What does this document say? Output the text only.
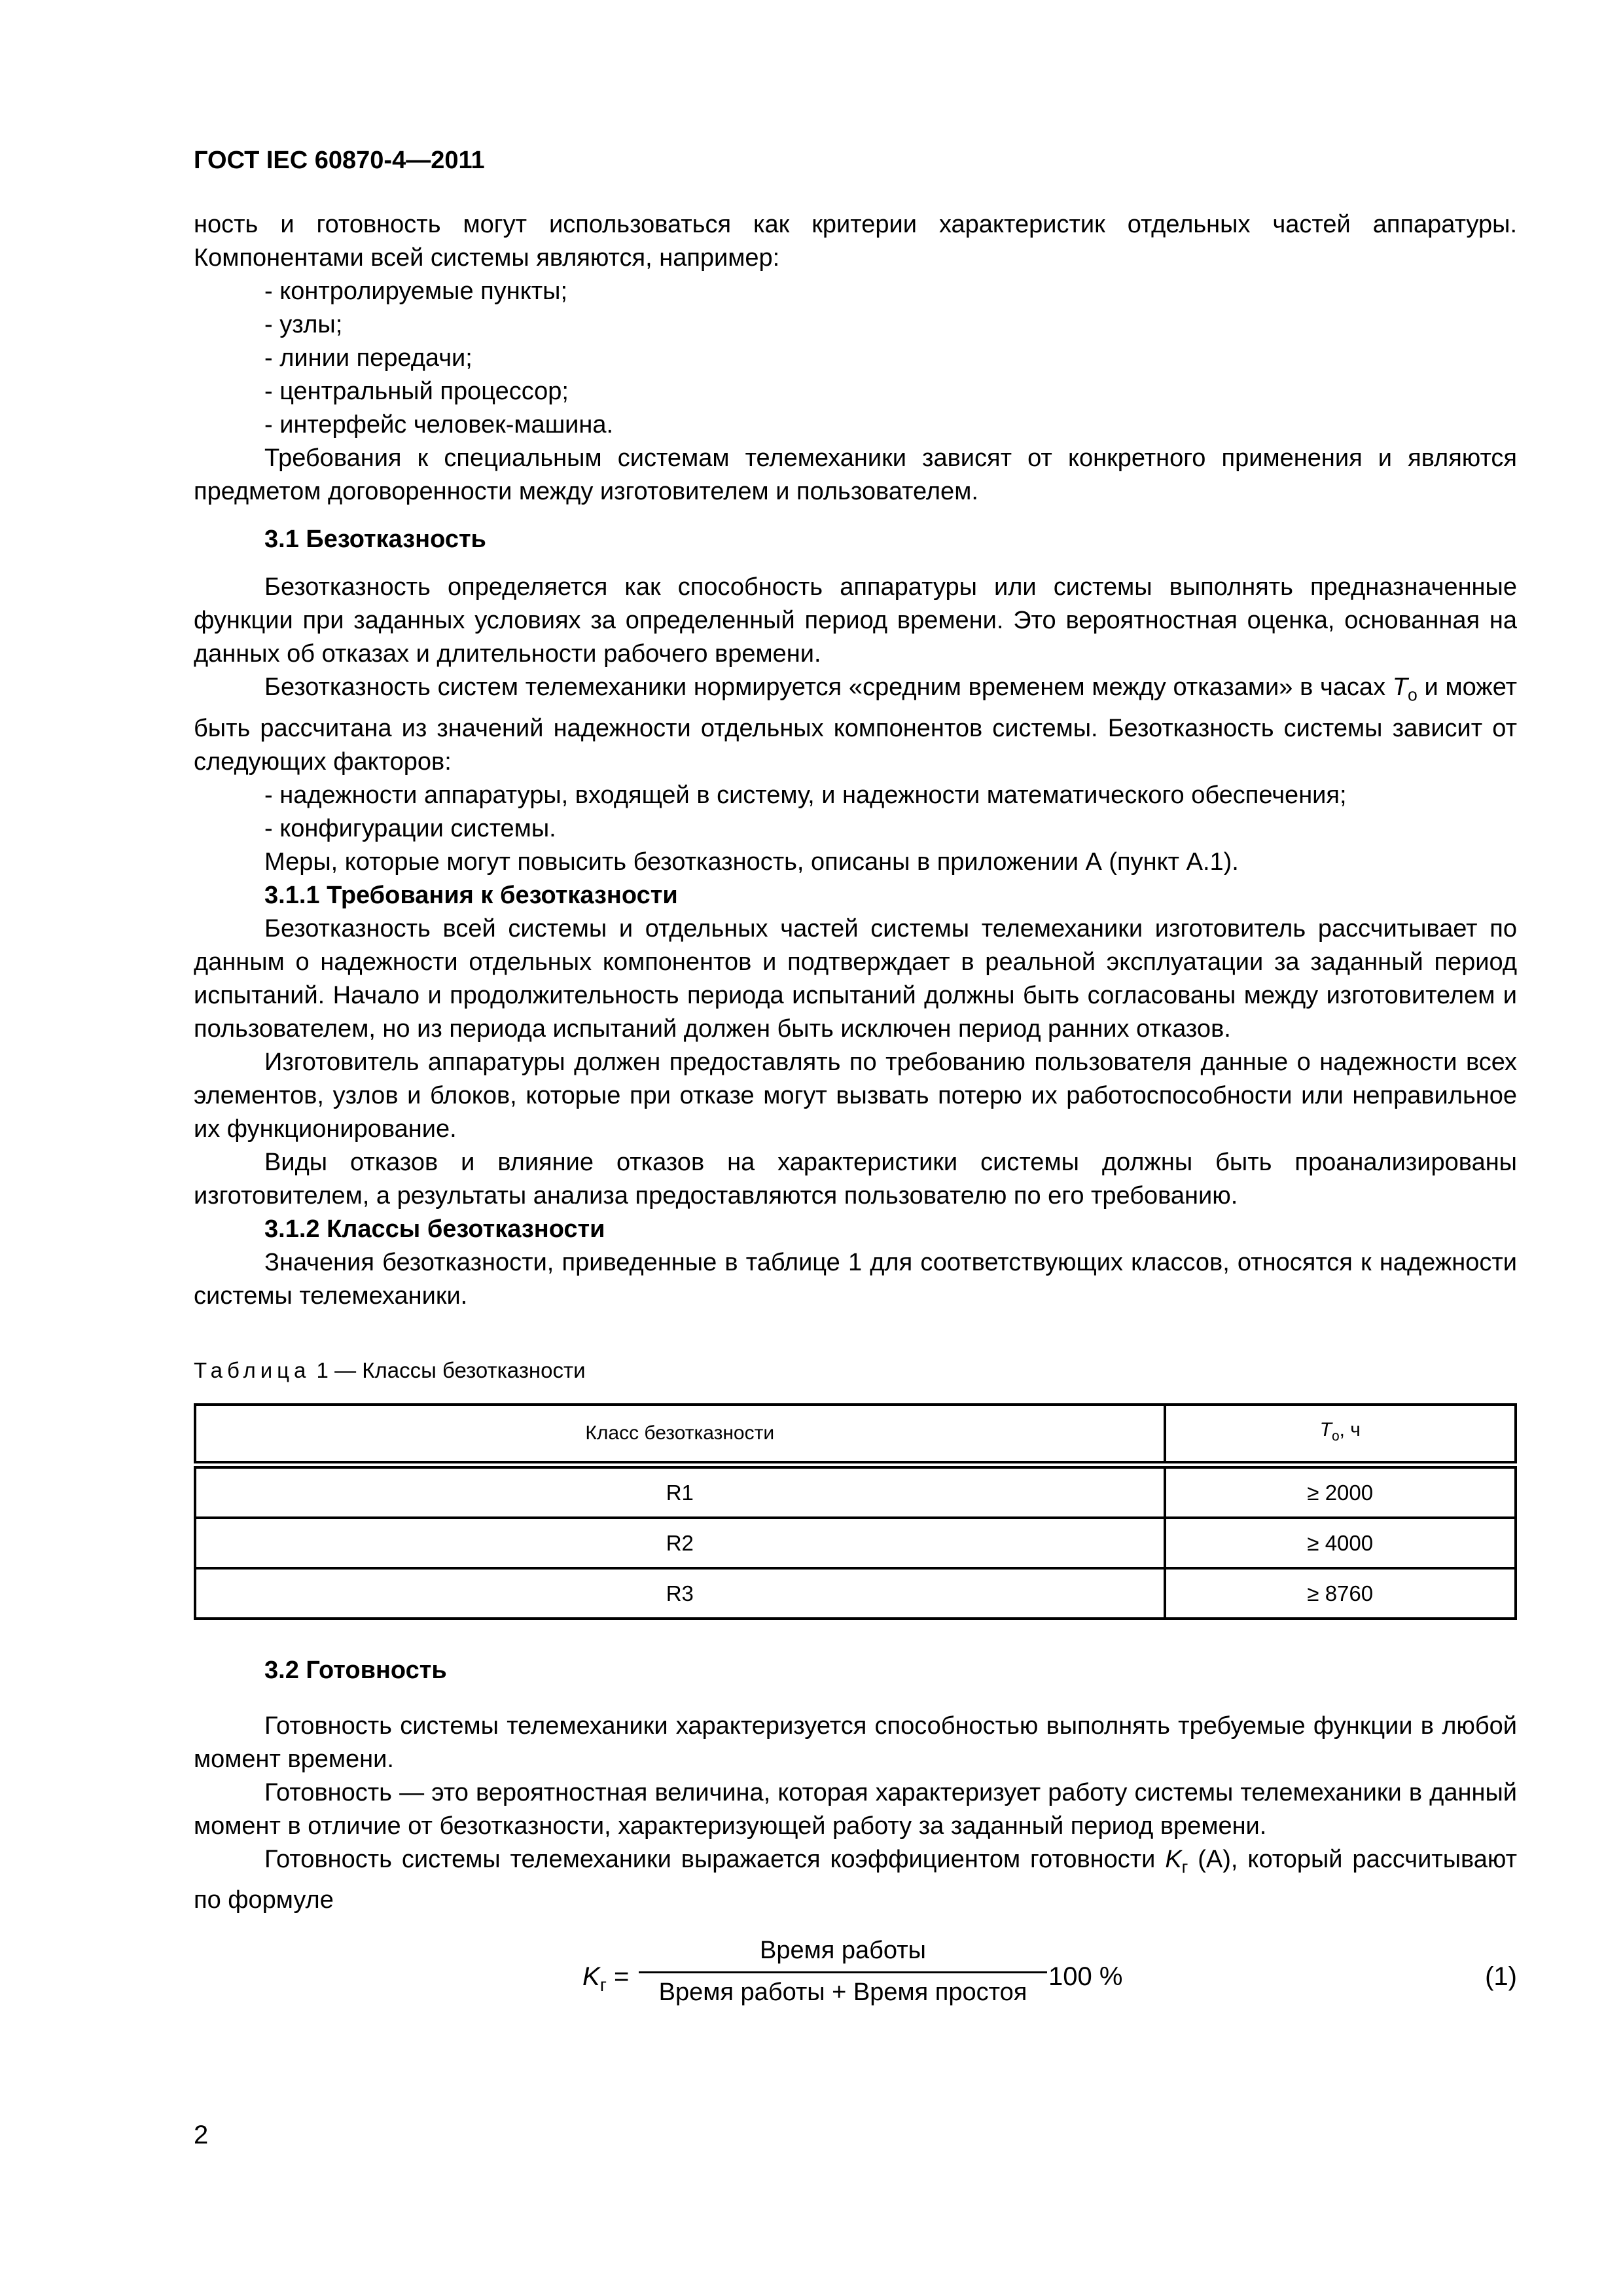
ГОСТ IEC 60870-4—2011

ность и готовность могут использоваться как критерии характеристик отдельных частей аппаратуры. Компонентами всей системы являются, например:

- контролируемые пункты;

- узлы;

- линии передачи;

- центральный процессор;

- интерфейс человек-машина.

Требования к специальным системам телемеханики зависят от конкретного применения и являются предметом договоренности между изготовителем и пользователем.

3.1 Безотказность

Безотказность определяется как способность аппаратуры или системы выполнять предназначенные функции при заданных условиях за определенный период времени. Это вероятностная оценка, основанная на данных об отказах и длительности рабочего времени.

Безотказность систем телемеханики нормируется «средним временем между отказами» в часах $T_о$ и может быть рассчитана из значений надежности отдельных компонентов системы. Безотказность системы зависит от следующих факторов:

- надежности аппаратуры, входящей в систему, и надежности математического обеспечения;

- конфигурации системы.

Меры, которые могут повысить безотказность, описаны в приложении А (пункт А.1).

3.1.1 Требования к безотказности

Безотказность всей системы и отдельных частей системы телемеханики изготовитель рассчитывает по данным о надежности отдельных компонентов и подтверждает в реальной эксплуатации за заданный период испытаний. Начало и продолжительность периода испытаний должны быть согласованы между изготовителем и пользователем, но из периода испытаний должен быть исключен период ранних отказов.

Изготовитель аппаратуры должен предоставлять по требованию пользователя данные о надежности всех элементов, узлов и блоков, которые при отказе могут вызвать потерю их работоспособности или неправильное их функционирование.

Виды отказов и влияние отказов на характеристики системы должны быть проанализированы изготовителем, а результаты анализа предоставляются пользователю по его требованию.

3.1.2 Классы безотказности

Значения безотказности, приведенные в таблице 1 для соответствующих классов, относятся к надежности системы телемеханики.

Таблица 1 — Классы безотказности

Класс безотказности	$T_о$, ч
R1	≥ 2000
R2	≥ 4000
R3	≥ 8760

3.2 Готовность

Готовность системы телемеханики характеризуется способностью выполнять требуемые функции в любой момент времени.

Готовность — это вероятностная величина, которая характеризует работу системы телемеханики в данный момент в отличие от безотказности, характеризующей работу за заданный период времени.

Готовность системы телемеханики выражается коэффициентом готовности $K_г$ (A), который рассчитывают по формуле

$K_г$ =
Время работы
Время работы + Время простоя
100 %	(1)
2
